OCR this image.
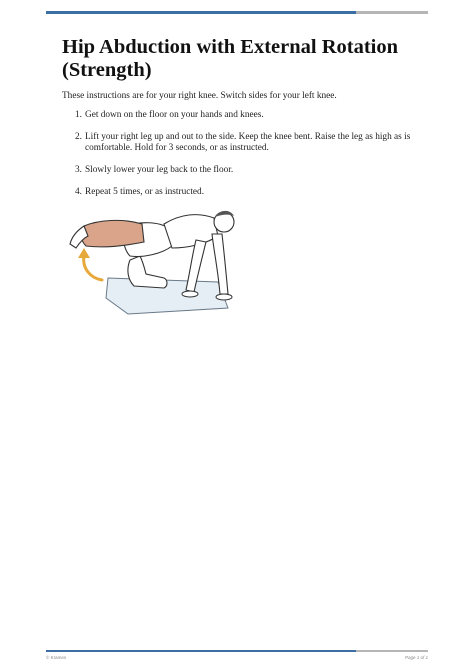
Hip Abduction with External Rotation (Strength)

These instructions are for your right knee. Switch sides for your left knee.

1. Get down on the floor on your hands and knees.
2. Lift your right leg up and out to the side. Keep the knee bent. Raise the leg as high as is comfortable. Hold for 3 seconds, or as instructed.
3. Slowly lower your leg back to the floor.
4. Repeat 5 times, or as instructed.
© Krames	Page 1 of 1
